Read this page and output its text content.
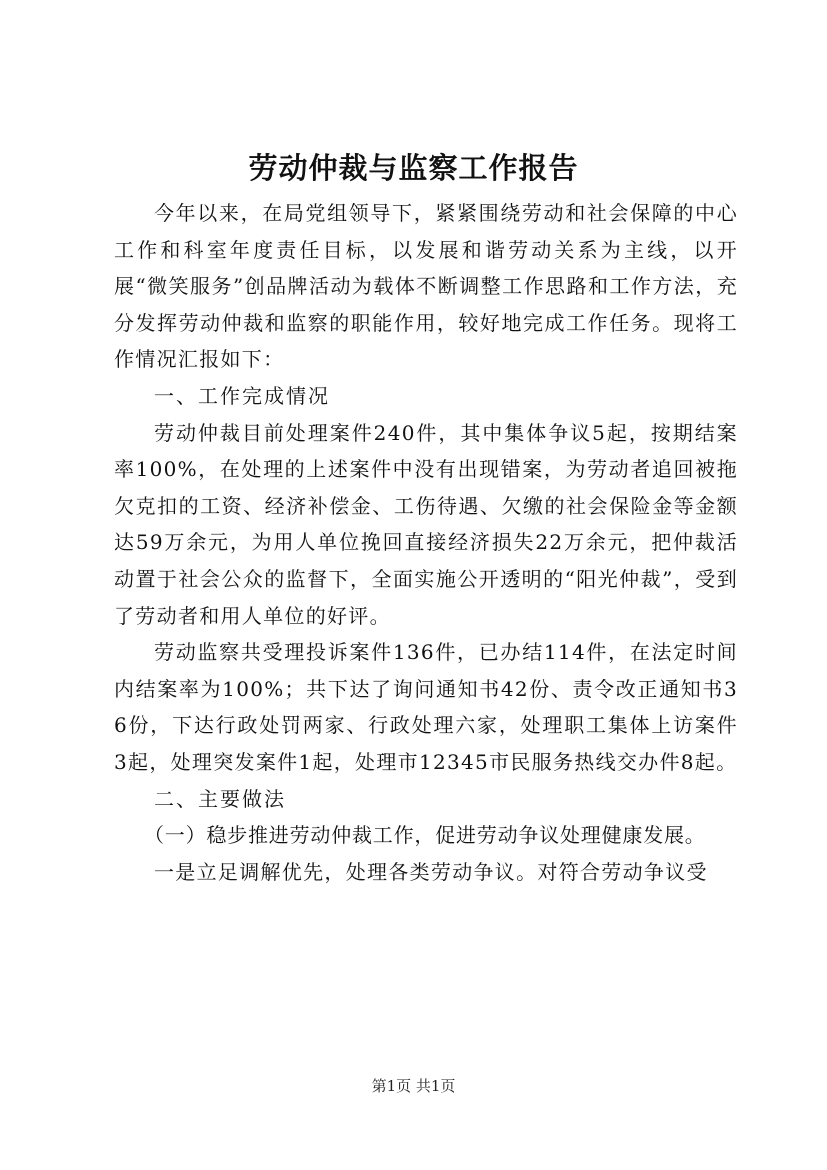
劳动仲裁与监察工作报告

今年以来，在局党组领导下，紧紧围绕劳动和社会保障的中心工作和科室年度责任目标，以发展和谐劳动关系为主线，以开展“微笑服务”创品牌活动为载体不断调整工作思路和工作方法，充分发挥劳动仲裁和监察的职能作用，较好地完成工作任务。现将工作情况汇报如下：

一、工作完成情况

劳动仲裁目前处理案件240件，其中集体争议5起，按期结案率100%，在处理的上述案件中没有出现错案，为劳动者追回被拖欠克扣的工资、经济补偿金、工伤待遇、欠缴的社会保险金等金额达59万余元，为用人单位挽回直接经济损失22万余元，把仲裁活动置于社会公众的监督下，全面实施公开透明的“阳光仲裁”，受到了劳动者和用人单位的好评。

劳动监察共受理投诉案件136件，已办结114件，在法定时间内结案率为100%；共下达了询问通知书42份、责令改正通知书36份，下达行政处罚两家、行政处理六家，处理职工集体上访案件3起，处理突发案件1起，处理市12345市民服务热线交办件8起。

二、主要做法

（一）稳步推进劳动仲裁工作，促进劳动争议处理健康发展。

一是立足调解优先，处理各类劳动争议。对符合劳动争议受

第1页 共1页
